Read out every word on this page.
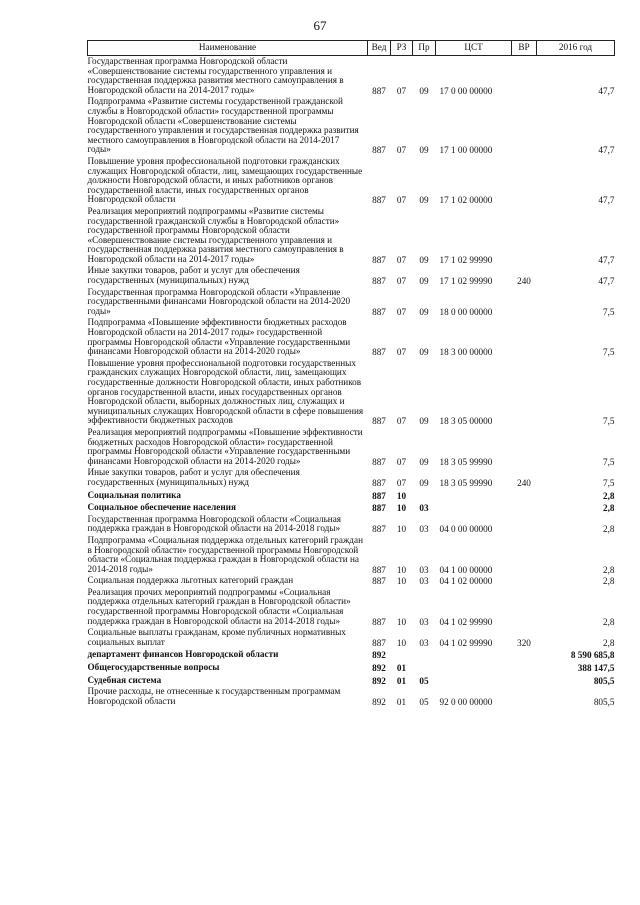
67
Наименование	Вед	РЗ	Пр	ЦСТ	ВР	2016 год
Государственная программа Новгородской области «Совершенствование системы государственного управления и государственная поддержка развития местного самоуправления в Новгородской области на 2014-2017 годы»	887	07	09	17 0 00 00000		47,7
Подпрограмма «Развитие системы государственной гражданской службы в Новгородской области» государственной программы Новгородской области «Совершенствование системы государственного управления и государственная поддержка развития местного самоуправления в Новгородской области на 2014-2017 годы»	887	07	09	17 1 00 00000		47,7
Повышение уровня профессиональной подготовки гражданских служащих Новгородской области, лиц, замещающих государственные должности Новгородской области, и иных работников органов государственной власти, иных государственных органов Новгородской области	887	07	09	17 1 02 00000		47,7
Реализация мероприятий подпрограммы «Развитие системы государственной гражданской службы в Новгородской области» государственной программы Новгородской области «Совершенствование системы государственного управления и государственная поддержка развития местного самоуправления в Новгородской области на 2014-2017 годы»	887	07	09	17 1 02 99990		47,7
Иные закупки товаров, работ и услуг для обеспечения государственных (муниципальных) нужд	887	07	09	17 1 02 99990	240	47,7
Государственная программа Новгородской области «Управление государственными финансами Новгородской области на 2014-2020 годы»	887	07	09	18 0 00 00000		7,5
Подпрограмма «Повышение эффективности бюджетных расходов Новгородской области на 2014-2017 годы» государственной программы Новгородской области «Управление государственными финансами Новгородской области на 2014-2020 годы»	887	07	09	18 3 00 00000		7,5
Повышение уровня профессиональной подготовки государственных гражданских служащих Новгородской области, лиц, замещающих государственные должности Новгородской области, иных работников органов государственной власти, иных государственных органов Новгородской области, выборных должностных лиц, служащих и муниципальных служащих Новгородской области в сфере повышения эффективности бюджетных расходов	887	07	09	18 3 05 00000		7,5
Реализация мероприятий подпрограммы «Повышение эффективности бюджетных расходов Новгородской области» государственной программы Новгородской области «Управление государственными финансами Новгородской области на 2014-2020 годы»	887	07	09	18 3 05 99990		7,5
Иные закупки товаров, работ и услуг для обеспечения государственных (муниципальных) нужд	887	07	09	18 3 05 99990	240	7,5
Социальная политика	887	10				2,8
Социальное обеспечение населения	887	10	03			2,8
Государственная программа Новгородской области «Социальная поддержка граждан в Новгородской области на 2014-2018 годы»	887	10	03	04 0 00 00000		2,8
Подпрограмма «Социальная поддержка отдельных категорий граждан в Новгородской области» государственной программы Новгородской области «Социальная поддержка граждан в Новгородской области на 2014-2018 годы»	887	10	03	04 1 00 00000		2,8
Социальная поддержка льготных категорий граждан	887	10	03	04 1 02 00000		2,8
Реализация прочих мероприятий подпрограммы «Социальная поддержка отдельных категорий граждан в Новгородской области» государственной программы Новгородской области «Социальная поддержка граждан в Новгородской области на 2014-2018 годы»	887	10	03	04 1 02 99990		2,8
Социальные выплаты гражданам, кроме публичных нормативных социальных выплат	887	10	03	04 1 02 99990	320	2,8
департамент финансов Новгородской области	892					8 590 685,8
Общегосударственные вопросы	892	01				388 147,5
Судебная система	892	01	05			805,5
Прочие расходы, не отнесенные к государственным программам Новгородской области	892	01	05	92 0 00 00000		805,5
